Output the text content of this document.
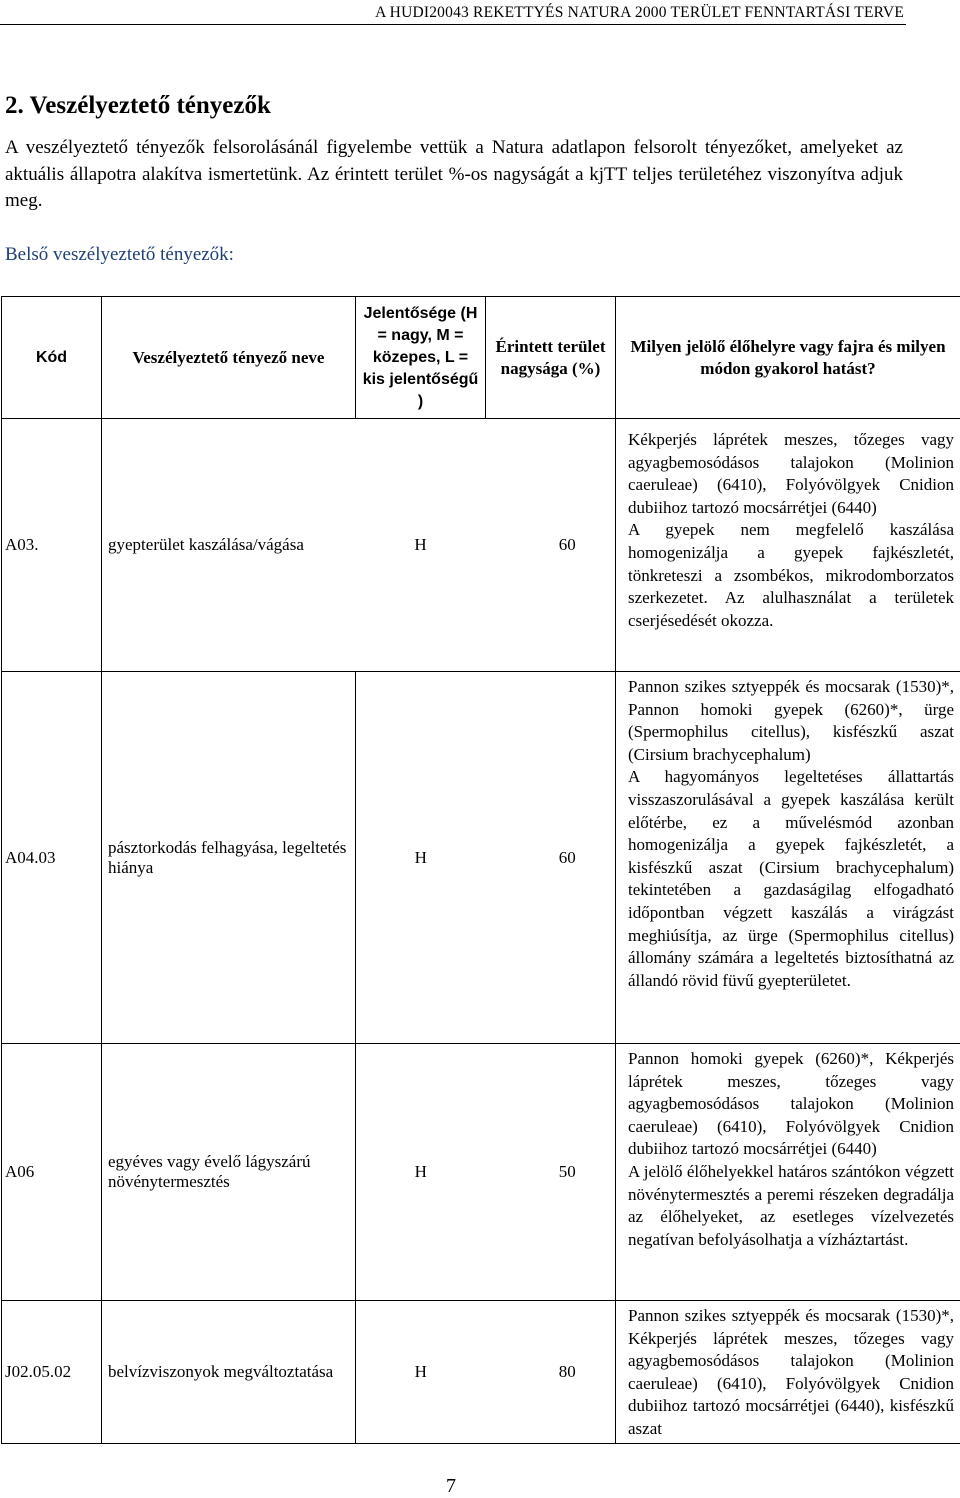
A HUDI20043 REKETTYÉS NATURA 2000 TERÜLET FENNTARTÁSI TERVE
2. Veszélyeztető tényezők

A veszélyeztető tényezők felsorolásánál figyelembe vettük a Natura adatlapon felsorolt tényezőket, amelyeket az aktuális állapotra alakítva ismertetünk. Az érintett terület %-os nagyságát a kjTT teljes területéhez viszonyítva adjuk meg.

Belső veszélyeztető tényezők:
Kód	Veszélyeztető tényező neve	Jelentősége (H = nagy, M = közepes, L = kis jelentőségű )	Érintett terület nagysága (%)	Milyen jelölő élőhelyre vagy fajra és milyen módon gyakorol hatást?
A03.	gyepterület kaszálása/vágása	H	60	Kékperjés láprétek meszes, tőzeges vagy agyagbemosódásos talajokon (Molinion caeruleae) (6410), Folyóvölgyek Cnidion dubiihoz tartozó mocsárrétjei (6440)

A gyepek nem megfelelő kaszálása homogenizálja a gyepek fajkészletét, tönkreteszi a zsombékos, mikrodomborzatos szerkezetet. Az alulhasználat a területek cserjésedését okozza.

A04.03	pásztorkodás felhagyása, legeltetés hiánya	H	60	Pannon szikes sztyeppék és mocsarak (1530)*, Pannon homoki gyepek (6260)*, ürge (Spermophilus citellus), kisfészkű aszat (Cirsium brachycephalum)

A hagyományos legeltetéses állattartás visszaszorulásával a gyepek kaszálása került előtérbe, ez a művelésmód azonban homogenizálja a gyepek fajkészletét, a kisfészkű aszat (Cirsium brachycephalum) tekintetében a gazdaságilag elfogadható időpontban végzett kaszálás a virágzást meghiúsítja, az ürge (Spermophilus citellus) állomány számára a legeltetés biztosíthatná az állandó rövid füvű gyepterületet.

A06	egyéves vagy évelő lágyszárú növénytermesztés	H	50	Pannon homoki gyepek (6260)*, Kékperjés láprétek meszes, tőzeges vagy agyagbemosódásos talajokon (Molinion caeruleae) (6410), Folyóvölgyek Cnidion dubiihoz tartozó mocsárrétjei (6440)

A jelölő élőhelyekkel határos szántókon végzett növénytermesztés a peremi részeken degradálja az élőhelyeket, az esetleges vízelvezetés negatívan befolyásolhatja a vízháztartást.

J02.05.02	belvízviszonyok megváltoztatása	H	80	Pannon szikes sztyeppék és mocsarak (1530)*, Kékperjés láprétek meszes, tőzeges vagy agyagbemosódásos talajokon (Molinion caeruleae) (6410), Folyóvölgyek Cnidion dubiihoz tartozó mocsárrétjei (6440), kisfészkű aszat

7
